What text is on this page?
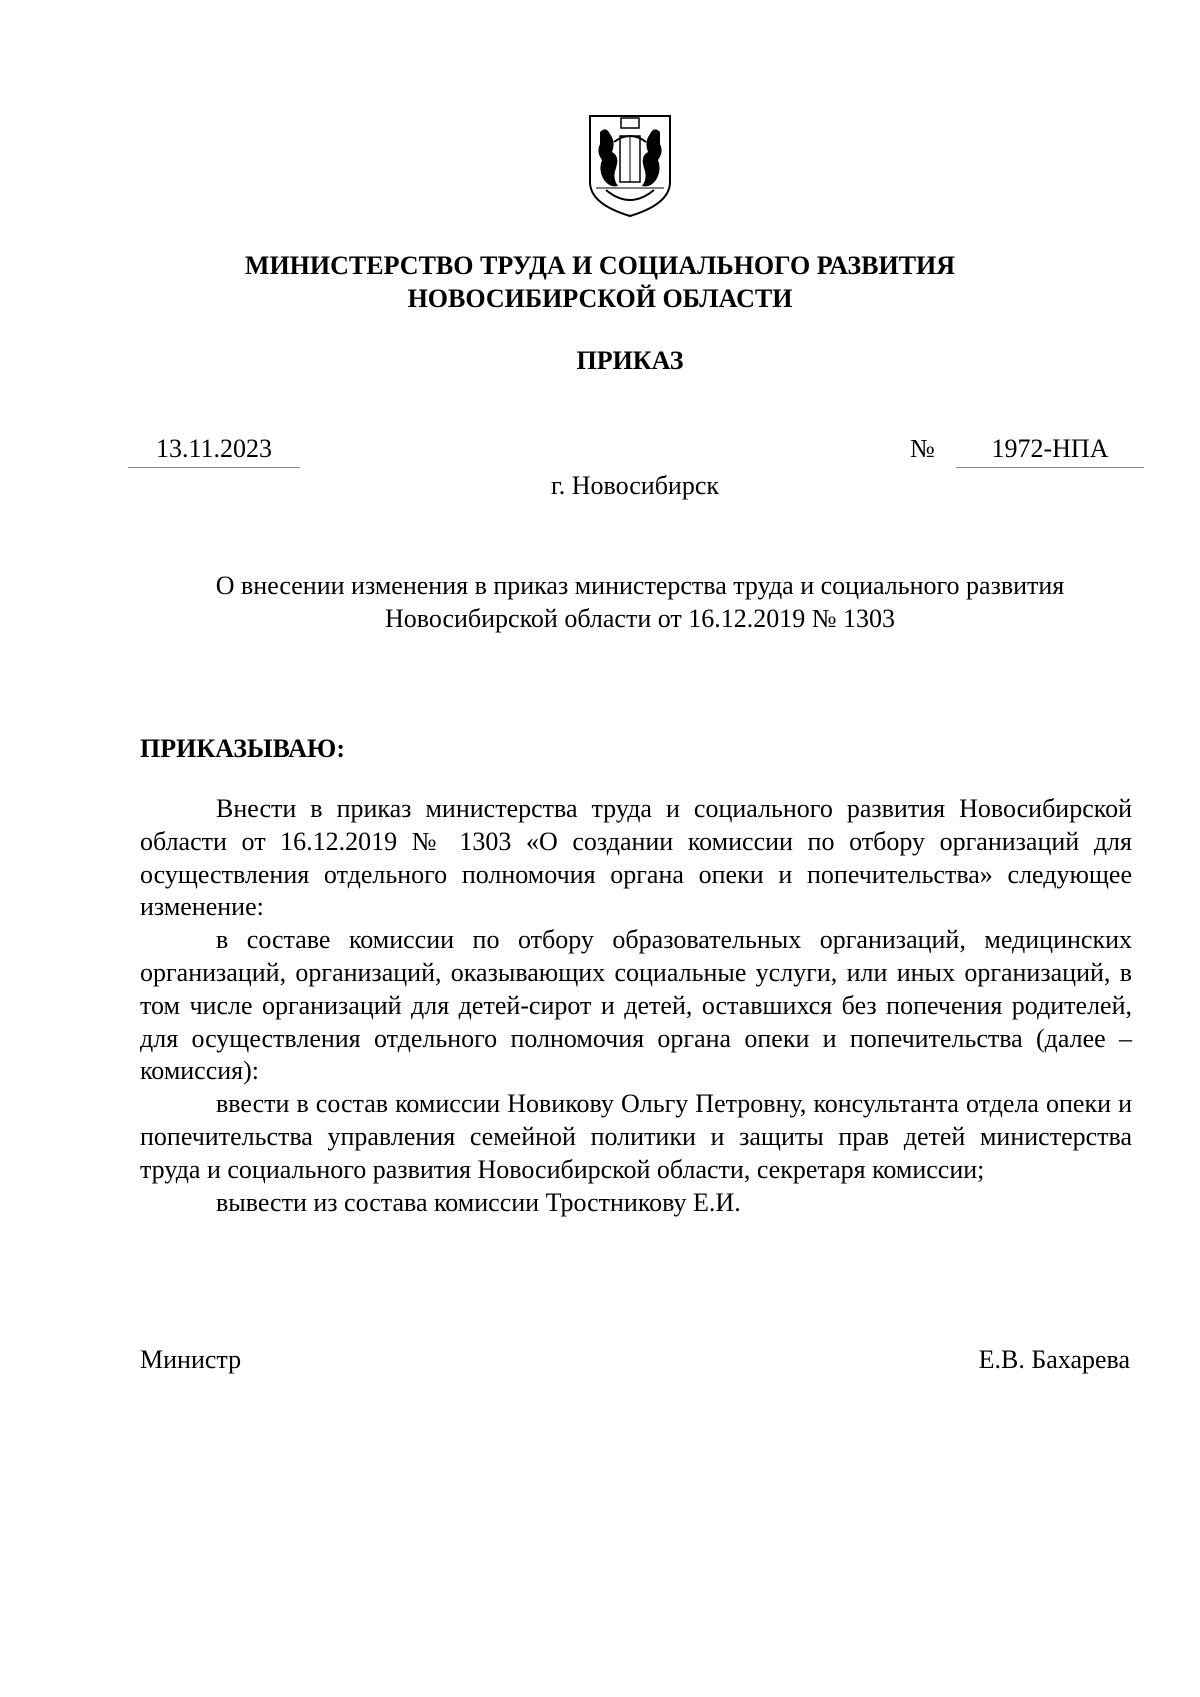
МИНИСТЕРСТВО ТРУДА И СОЦИАЛЬНОГО РАЗВИТИЯ
НОВОСИБИРСКОЙ ОБЛАСТИ
ПРИКАЗ
13.11.2023	№	1972-НПА
г. Новосибирск
О внесении изменения в приказ министерства труда и социального развития
Новосибирской области от 16.12.2019 № 1303
ПРИКАЗЫВАЮ:

Внести в приказ министерства труда и социального развития Новосибирской области от 16.12.2019 № 1303 «О создании комиссии по отбору организаций для осуществления отдельного полномочия органа опеки и попечительства» следующее изменение:

в составе комиссии по отбору образовательных организаций, медицинских организаций, организаций, оказывающих социальные услуги, или иных организаций, в том числе организаций для детей-сирот и детей, оставшихся без попечения родителей, для осуществления отдельного полномочия органа опеки и попечительства (далее – комиссия):

ввести в состав комиссии Новикову Ольгу Петровну, консультанта отдела опеки и попечительства управления семейной политики и защиты прав детей министерства труда и социального развития Новосибирской области, секретаря комиссии;

вывести из состава комиссии Тростникову Е.И.

Министр	Е.В. Бахарева
